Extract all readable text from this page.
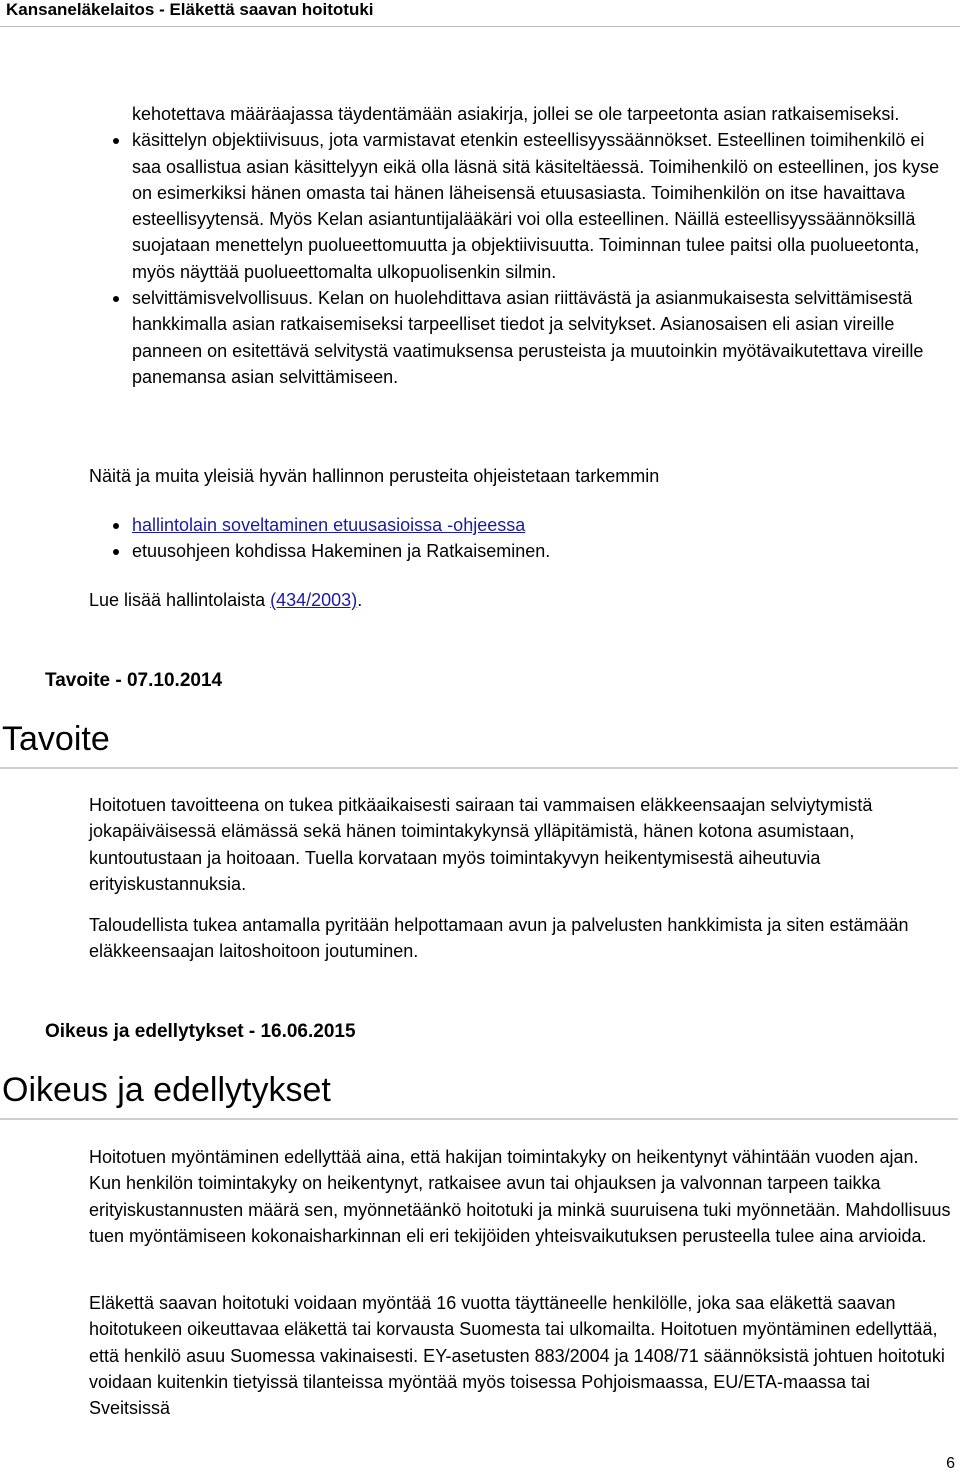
Kansaneläkelaitos - Eläkettä saavan hoitotuki
kehotettava määräajassa täydentämään asiakirja, jollei se ole tarpeetonta asian ratkaisemiseksi.
käsittelyn objektiivisuus, jota varmistavat etenkin esteellisyyssäännökset. Esteellinen toimihenkilö ei saa osallistua asian käsittelyyn eikä olla läsnä sitä käsiteltäessä. Toimihenkilö on esteellinen, jos kyse on esimerkiksi hänen omasta tai hänen läheisensä etuusasiasta. Toimihenkilön on itse havaittava esteellisyytensä. Myös Kelan asiantuntijalääkäri voi olla esteellinen. Näillä esteellisyyssäännöksillä suojataan menettelyn puolueettomuutta ja objektiivisuutta. Toiminnan tulee paitsi olla puolueetonta, myös näyttää puolueettomalta ulkopuolisenkin silmin.
selvittämisvelvollisuus. Kelan on huolehdittava asian riittävästä ja asianmukaisesta selvittämisestä hankkimalla asian ratkaisemiseksi tarpeelliset tiedot ja selvitykset. Asianosaisen eli asian vireille panneen on esitettävä selvitystä vaatimuksensa perusteista ja muutoinkin myötävaikutettava vireille panemansa asian selvittämiseen.

Näitä ja muita yleisiä hyvän hallinnon perusteita ohjeistetaan tarkemmin

hallintolain soveltaminen etuusasioissa -ohjeessa
etuusohjeen kohdissa Hakeminen ja Ratkaiseminen.

Lue lisää hallintolaista (434/2003).

Tavoite - 07.10.2014
Tavoite

Hoitotuen tavoitteena on tukea pitkäaikaisesti sairaan tai vammaisen eläkkeensaajan selviytymistä jokapäiväisessä elämässä sekä hänen toimintakykynsä ylläpitämistä, hänen kotona asumistaan, kuntoutustaan ja hoitoaan. Tuella korvataan myös toimintakyvyn heikentymisestä aiheutuvia erityiskustannuksia.

Taloudellista tukea antamalla pyritään helpottamaan avun ja palvelusten hankkimista ja siten estämään eläkkeensaajan laitoshoitoon joutuminen.

Oikeus ja edellytykset - 16.06.2015
Oikeus ja edellytykset

Hoitotuen myöntäminen edellyttää aina, että hakijan toimintakyky on heikentynyt vähintään vuoden ajan. Kun henkilön toimintakyky on heikentynyt, ratkaisee avun tai ohjauksen ja valvonnan tarpeen taikka erityiskustannusten määrä sen, myönnetäänkö hoitotuki ja minkä suuruisena tuki myönnetään. Mahdollisuus tuen myöntämiseen kokonaisharkinnan eli eri tekijöiden yhteisvaikutuksen perusteella tulee aina arvioida.

Eläkettä saavan hoitotuki voidaan myöntää 16 vuotta täyttäneelle henkilölle, joka saa eläkettä saavan hoitotukeen oikeuttavaa eläkettä tai korvausta Suomesta tai ulkomailta. Hoitotuen myöntäminen edellyttää, että henkilö asuu Suomessa vakinaisesti. EY-asetusten 883/2004 ja 1408/71 säännöksistä johtuen hoitotuki voidaan kuitenkin tietyissä tilanteissa myöntää myös toisessa Pohjoismaassa, EU/ETA-maassa tai Sveitsissä

6
